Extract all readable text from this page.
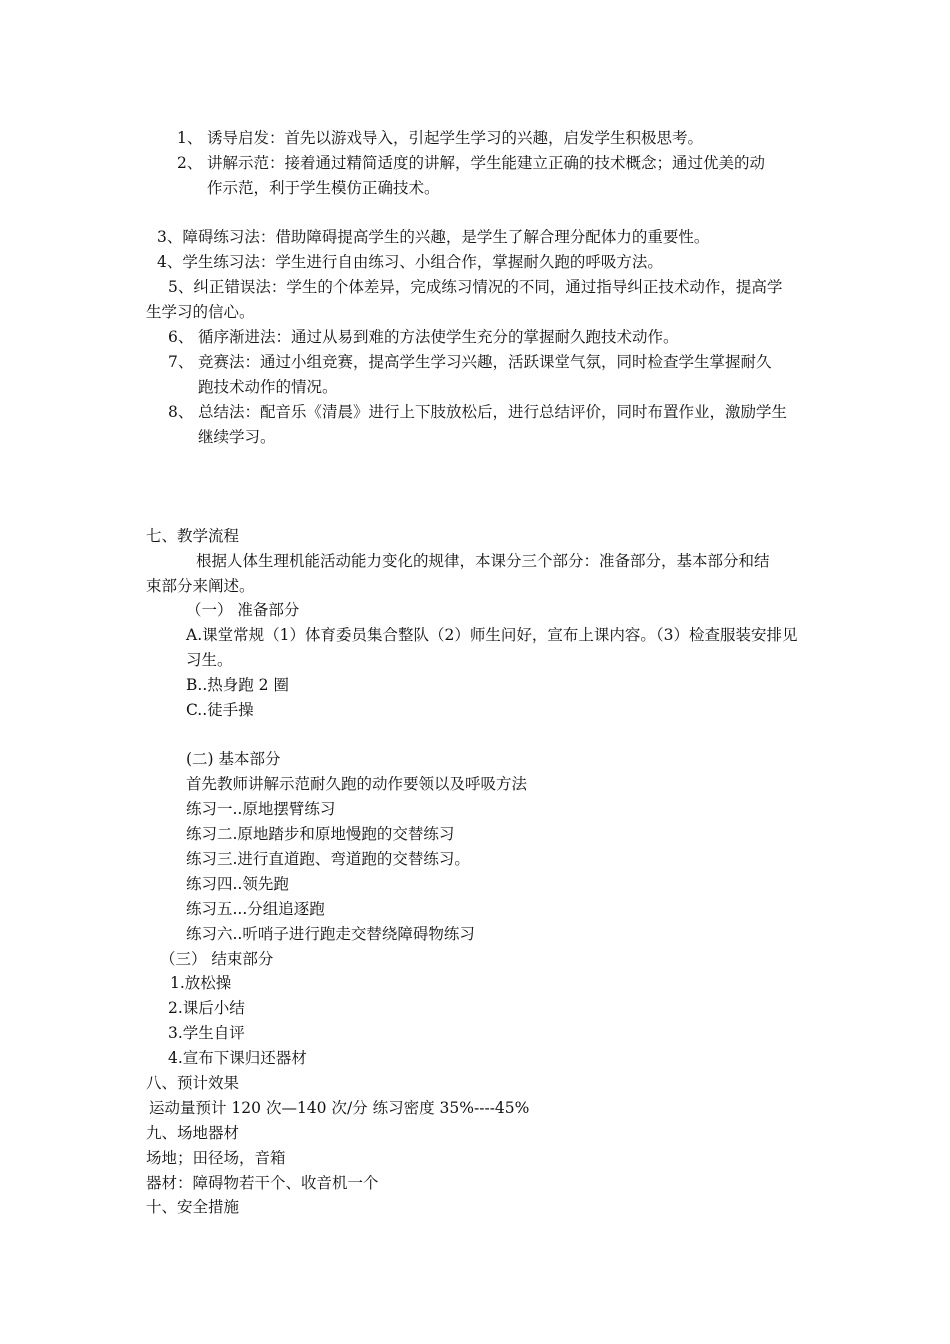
1、 诱导启发：首先以游戏导入，引起学生学习的兴趣，启发学生积极思考。
2、 讲解示范：接着通过精简适度的讲解，学生能建立正确的技术概念；通过优美的动
作示范，利于学生模仿正确技术。
3、障碍练习法：借助障碍提高学生的兴趣，是学生了解合理分配体力的重要性。
4、学生练习法：学生进行自由练习、小组合作，掌握耐久跑的呼吸方法。
5、纠正错误法：学生的个体差异，完成练习情况的不同，通过指导纠正技术动作，提高学
生学习的信心。
6、 循序渐进法：通过从易到难的方法使学生充分的掌握耐久跑技术动作。
7、 竞赛法：通过小组竞赛，提高学生学习兴趣，活跃课堂气氛，同时检查学生掌握耐久
跑技术动作的情况。
8、 总结法：配音乐《清晨》进行上下肢放松后，进行总结评价，同时布置作业，激励学生
继续学习。
七、教学流程
根据人体生理机能活动能力变化的规律，本课分三个部分：准备部分，基本部分和结
束部分来阐述。
（一） 准备部分
A.课堂常规（1）体育委员集合整队（2）师生问好，宣布上课内容。（3）检查服装安排见
习生。
B..热身跑 2 圈
C..徒手操
(二) 基本部分
首先教师讲解示范耐久跑的动作要领以及呼吸方法
练习一..原地摆臂练习
练习二.原地踏步和原地慢跑的交替练习
练习三.进行直道跑、弯道跑的交替练习。
练习四..领先跑
练习五...分组追逐跑
练习六..听哨子进行跑走交替绕障碍物练习
（三） 结束部分
1.放松操
2.课后小结
3.学生自评
4.宣布下课归还器材
八、预计效果
运动量预计 120 次—140 次/分 练习密度 35%----45%
九、场地器材
场地；田径场，音箱
器材：障碍物若干个、收音机一个
十、安全措施
